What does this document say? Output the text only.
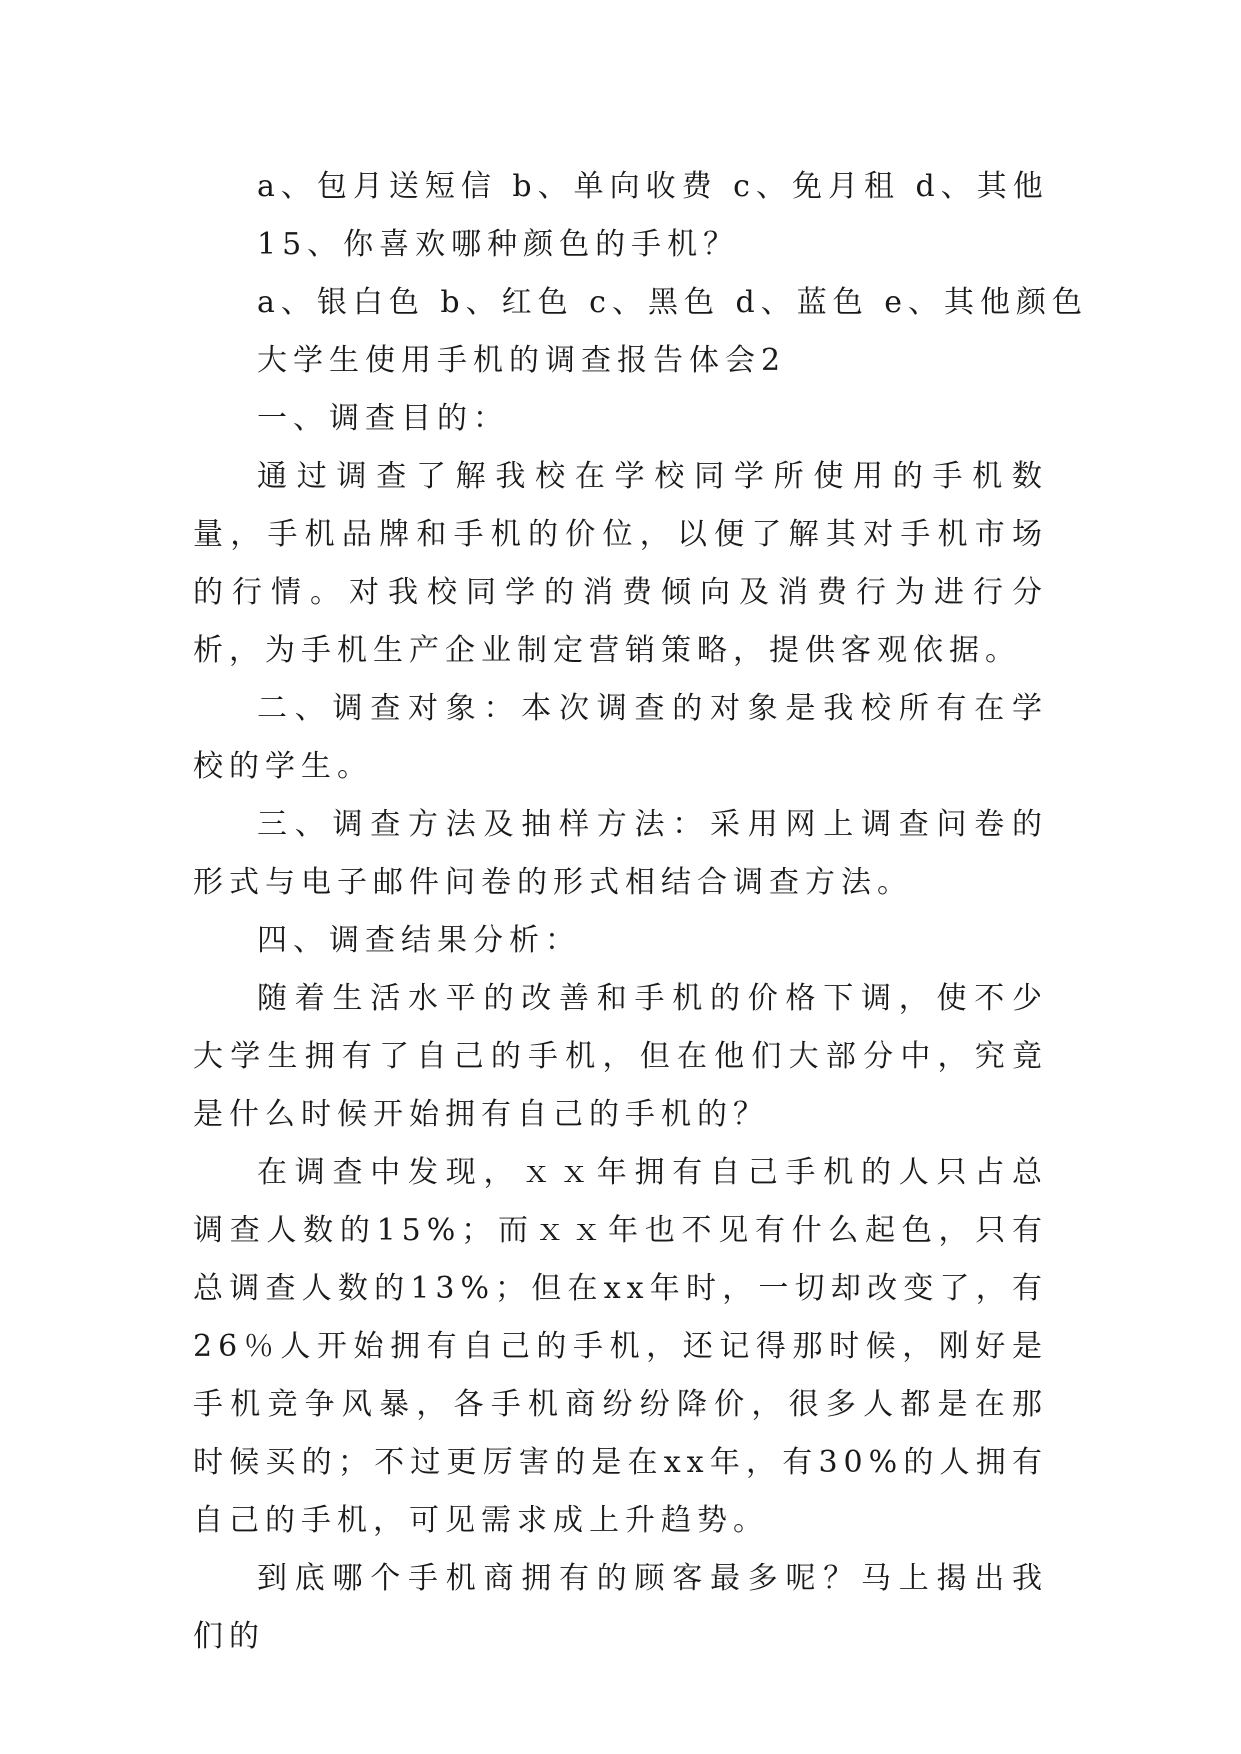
a、包月送短信 b、单向收费 c、免月租 d、其他
15、你喜欢哪种颜色的手机？
a、银白色 b、红色 c、黑色 d、蓝色 e、其他颜色
大学生使用手机的调查报告体会2
一、调查目的：

通过调查了解我校在学校同学所使用的手机数量，手机品牌和手机的价位，以便了解其对手机市场的行情。对我校同学的消费倾向及消费行为进行分析，为手机生产企业制定营销策略，提供客观依据。

二、调查对象：本次调查的对象是我校所有在学校的学生。

三、调查方法及抽样方法：采用网上调查问卷的形式与电子邮件问卷的形式相结合调查方法。

四、调查结果分析：

随着生活水平的改善和手机的价格下调，使不少大学生拥有了自己的手机，但在他们大部分中，究竟是什么时候开始拥有自己的手机的？

在调查中发现，ｘｘ年拥有自己手机的人只占总调查人数的15%；而ｘｘ年也不见有什么起色，只有总调查人数的13%；但在xx年时，一切却改变了，有26％人开始拥有自己的手机，还记得那时候，刚好是手机竞争风暴，各手机商纷纷降价，很多人都是在那时候买的；不过更厉害的是在xx年，有30%的人拥有自己的手机，可见需求成上升趋势。

到底哪个手机商拥有的顾客最多呢？马上揭出我们的
